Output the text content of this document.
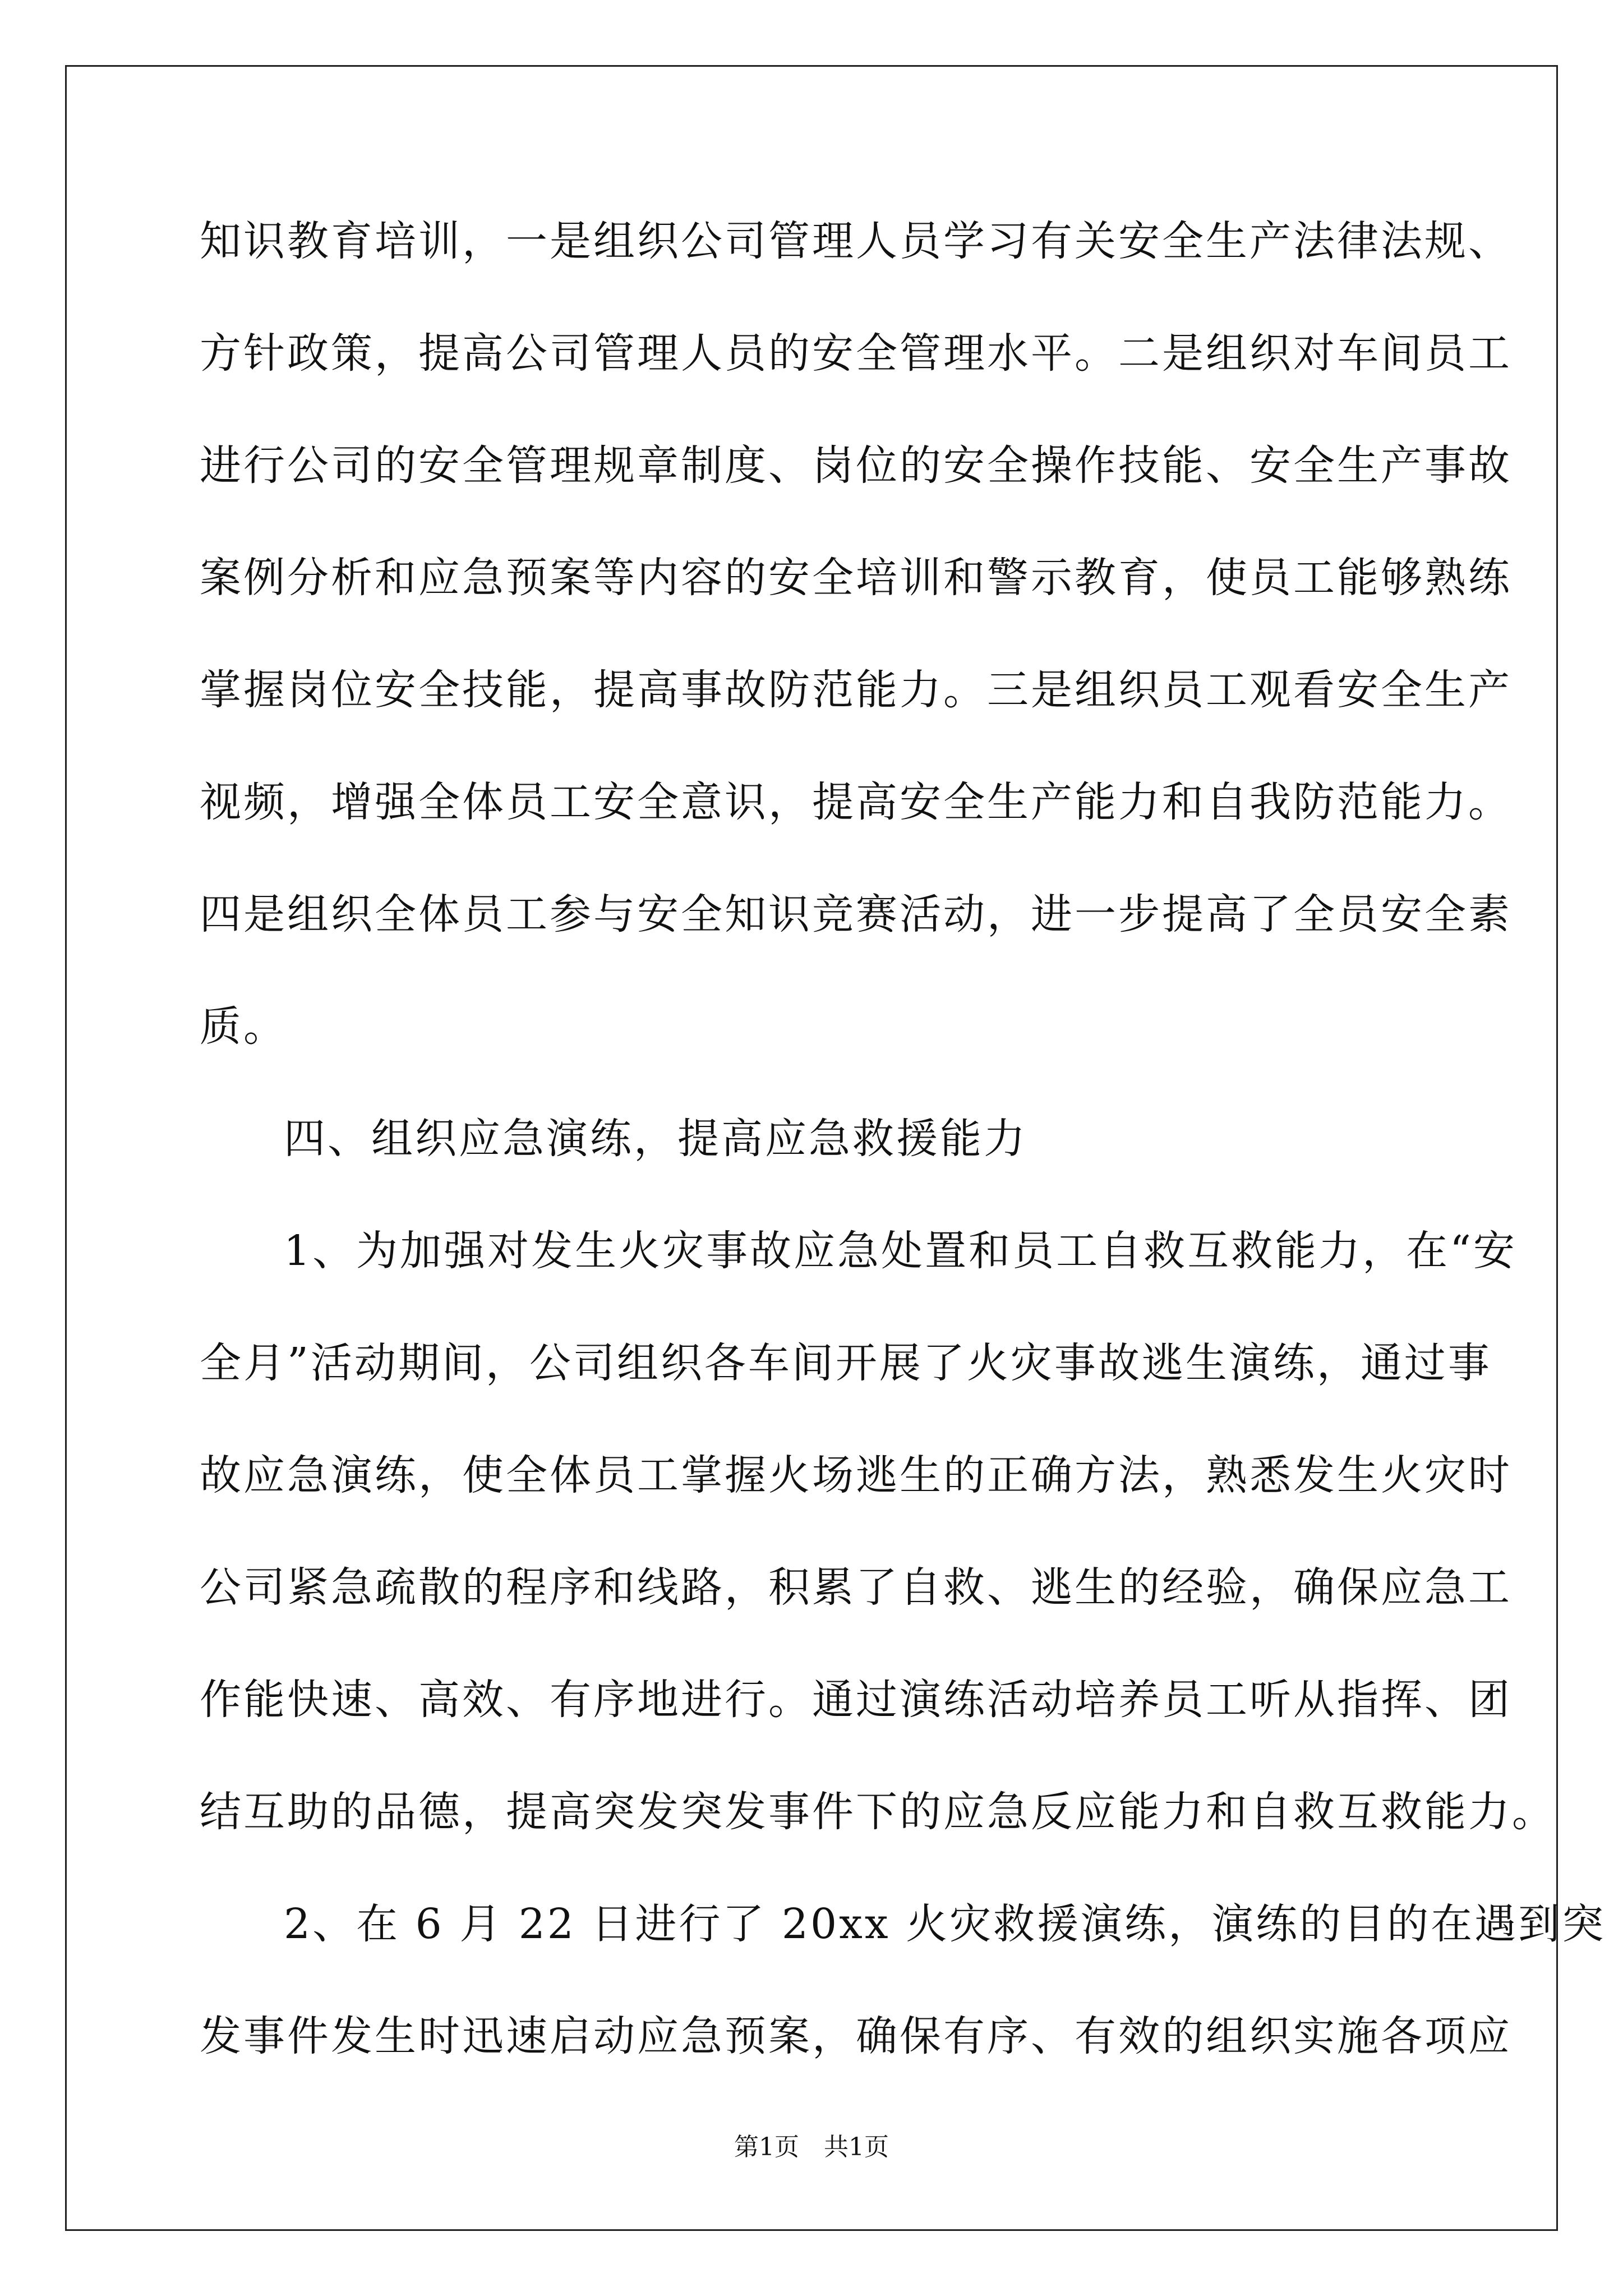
知识教育培训，一是组织公司管理人员学习有关安全生产法律法规、
方针政策，提高公司管理人员的安全管理水平。二是组织对车间员工
进行公司的安全管理规章制度、岗位的安全操作技能、安全生产事故
案例分析和应急预案等内容的安全培训和警示教育，使员工能够熟练
掌握岗位安全技能，提高事故防范能力。三是组织员工观看安全生产
视频，增强全体员工安全意识，提高安全生产能力和自我防范能力。
四是组织全体员工参与安全知识竞赛活动，进一步提高了全员安全素
质。
四、组织应急演练，提高应急救援能力
1、为加强对发生火灾事故应急处置和员工自救互救能力，在“安
全月”活动期间，公司组织各车间开展了火灾事故逃生演练，通过事
故应急演练，使全体员工掌握火场逃生的正确方法，熟悉发生火灾时
公司紧急疏散的程序和线路，积累了自救、逃生的经验，确保应急工
作能快速、高效、有序地进行。通过演练活动培养员工听从指挥、团
结互助的品德，提高突发突发事件下的应急反应能力和自救互救能力。
2、在 6 月 22 日进行了 20xx 火灾救援演练，演练的目的在遇到突
发事件发生时迅速启动应急预案，确保有序、有效的组织实施各项应
第1页　共1页
